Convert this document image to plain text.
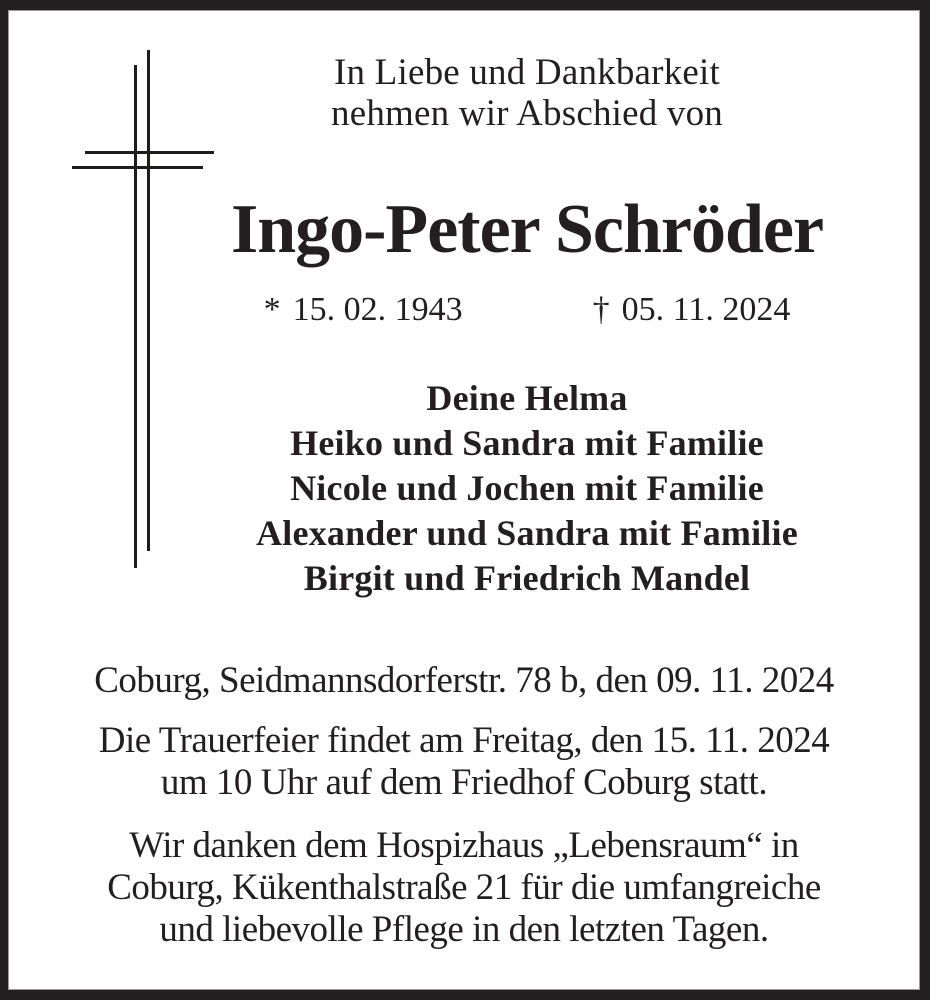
In Liebe und Dankbarkeit
nehmen wir Abschied von
Ingo-Peter Schröder
* 15. 02. 1943	† 05. 11. 2024
Deine Helma
Heiko und Sandra mit Familie
Nicole und Jochen mit Familie
Alexander und Sandra mit Familie
Birgit und Friedrich Mandel
Coburg, Seidmannsdorferstr. 78 b, den 09. 11. 2024
Die Trauerfeier findet am Freitag, den 15. 11. 2024
um 10 Uhr auf dem Friedhof Coburg statt.
Wir danken dem Hospizhaus „Lebensraum“ in
Coburg, Kükenthalstraße 21 für die umfangreiche
und liebevolle Pflege in den letzten Tagen.
